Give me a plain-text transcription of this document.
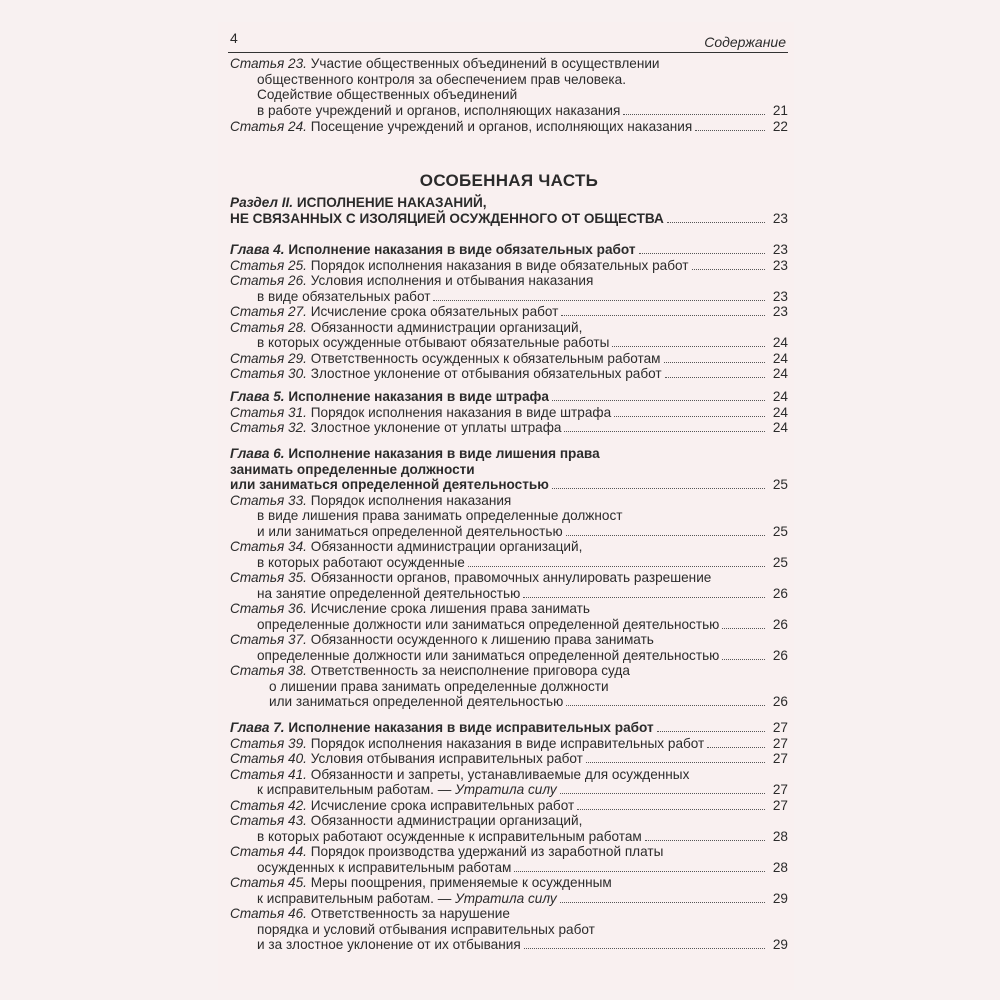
4	Содержание
Статья 23. Участие общественных объединений в осуществлении
общественного контроля за обеспечением прав человека.
Содействие общественных объединений
в работе учреждений и органов, исполняющих наказания	21
Статья 24. Посещение учреждений и органов, исполняющих наказания	22
ОСОБЕННАЯ ЧАСТЬ
Раздел II. ИСПОЛНЕНИЕ НАКАЗАНИЙ,
НЕ СВЯЗАННЫХ С ИЗОЛЯЦИЕЙ ОСУЖДЕННОГО ОТ ОБЩЕСТВА	23
Глава 4. Исполнение наказания в виде обязательных работ	23
Статья 25. Порядок исполнения наказания в виде обязательных работ	23
Статья 26. Условия исполнения и отбывания наказания
в виде обязательных работ	23
Статья 27. Исчисление срока обязательных работ	23
Статья 28. Обязанности администрации организаций,
в которых осужденные отбывают обязательные работы	24
Статья 29. Ответственность осужденных к обязательным работам	24
Статья 30. Злостное уклонение от отбывания обязательных работ	24
Глава 5. Исполнение наказания в виде штрафа	24
Статья 31. Порядок исполнения наказания в виде штрафа	24
Статья 32. Злостное уклонение от уплаты штрафа	24
Глава 6. Исполнение наказания в виде лишения права
занимать определенные должности
или заниматься определенной деятельностью	25
Статья 33. Порядок исполнения наказания
в виде лишения права занимать определенные должност
и или заниматься определенной деятельностью	25
Статья 34. Обязанности администрации организаций,
в которых работают осужденные	25
Статья 35. Обязанности органов, правомочных аннулировать разрешение
на занятие определенной деятельностью	26
Статья 36. Исчисление срока лишения права занимать
определенные должности или заниматься определенной деятельностью	26
Статья 37. Обязанности осужденного к лишению права занимать
определенные должности или заниматься определенной деятельностью	26
Статья 38. Ответственность за неисполнение приговора суда
о лишении права занимать определенные должности
или заниматься определенной деятельностью	26
Глава 7. Исполнение наказания в виде исправительных работ	27
Статья 39. Порядок исполнения наказания в виде исправительных работ	27
Статья 40. Условия отбывания исправительных работ	27
Статья 41. Обязанности и запреты, устанавливаемые для осужденных
к исправительным работам. — Утратила силу	27
Статья 42. Исчисление срока исправительных работ	27
Статья 43. Обязанности администрации организаций,
в которых работают осужденные к исправительным работам	28
Статья 44. Порядок производства удержаний из заработной платы
осужденных к исправительным работам	28
Статья 45. Меры поощрения, применяемые к осужденным
к исправительным работам. — Утратила силу	29
Статья 46. Ответственность за нарушение
порядка и условий отбывания исправительных работ
и за злостное уклонение от их отбывания	29
